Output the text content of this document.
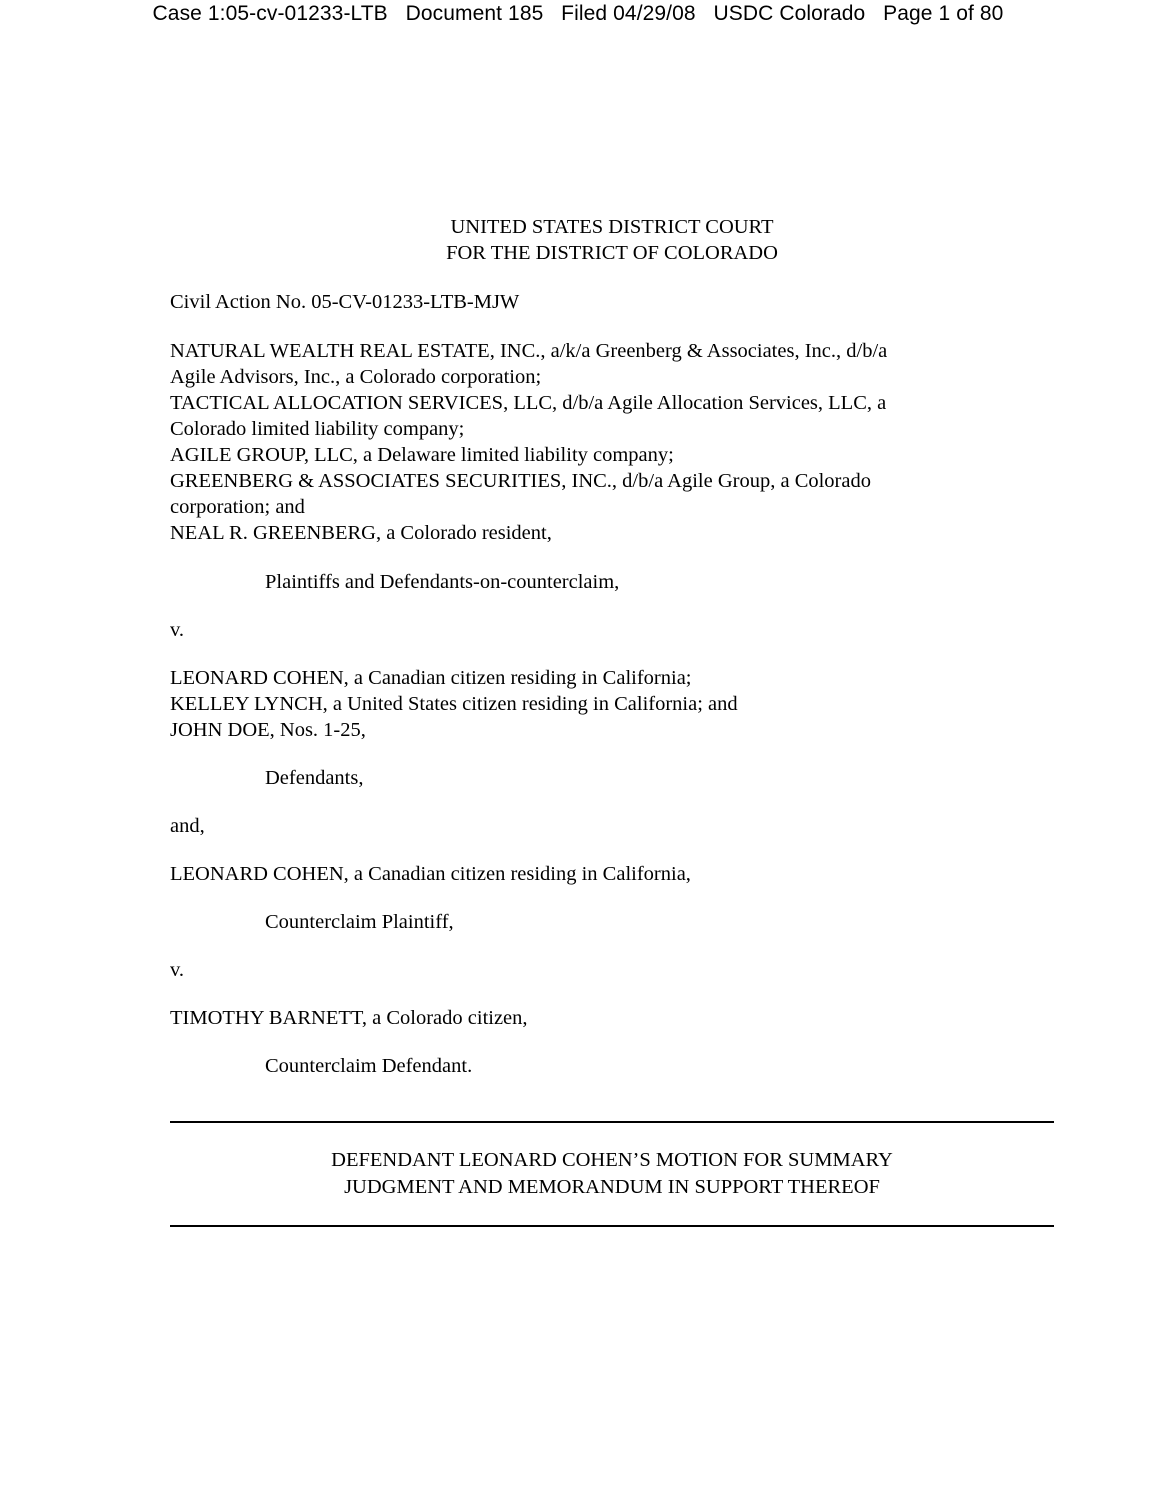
Case 1:05-cv-01233-LTB   Document 185   Filed 04/29/08   USDC Colorado   Page 1 of 80
UNITED STATES DISTRICT COURT
FOR THE DISTRICT OF COLORADO
Civil Action No. 05-CV-01233-LTB-MJW
NATURAL WEALTH REAL ESTATE, INC., a/k/a Greenberg & Associates, Inc., d/b/a
Agile Advisors, Inc., a Colorado corporation;
TACTICAL ALLOCATION SERVICES, LLC, d/b/a Agile Allocation Services, LLC, a
Colorado limited liability company;
AGILE GROUP, LLC, a Delaware limited liability company;
GREENBERG & ASSOCIATES SECURITIES, INC., d/b/a Agile Group, a Colorado
corporation; and
NEAL R. GREENBERG, a Colorado resident,
Plaintiffs and Defendants-on-counterclaim,
v.
LEONARD COHEN, a Canadian citizen residing in California;
KELLEY LYNCH, a United States citizen residing in California; and
JOHN DOE, Nos. 1-25,
Defendants,
and,
LEONARD COHEN, a Canadian citizen residing in California,
Counterclaim Plaintiff,
v.
TIMOTHY BARNETT, a Colorado citizen,
Counterclaim Defendant.
DEFENDANT LEONARD COHEN’S MOTION FOR SUMMARY
JUDGMENT AND MEMORANDUM IN SUPPORT THEREOF
